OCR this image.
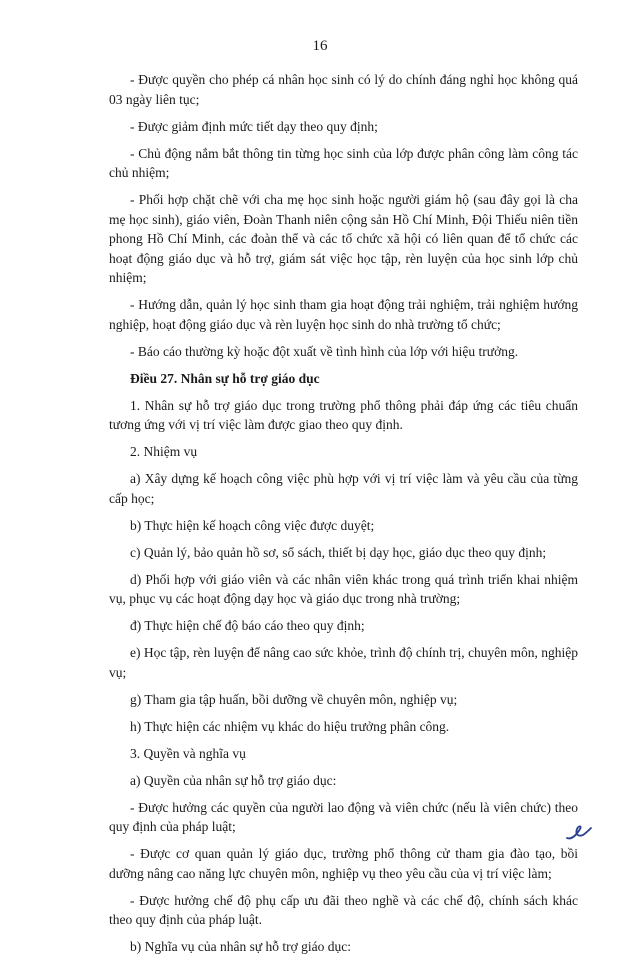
16

- Được quyền cho phép cá nhân học sinh có lý do chính đáng nghỉ học không quá 03 ngày liên tục;

- Được giảm định mức tiết dạy theo quy định;

- Chủ động nắm bắt thông tin từng học sinh của lớp được phân công làm công tác chủ nhiệm;

- Phối hợp chặt chẽ với cha mẹ học sinh hoặc người giám hộ (sau đây gọi là cha mẹ học sinh), giáo viên, Đoàn Thanh niên cộng sản Hồ Chí Minh, Đội Thiếu niên tiền phong Hồ Chí Minh, các đoàn thể và các tổ chức xã hội có liên quan để tổ chức các hoạt động giáo dục và hỗ trợ, giám sát việc học tập, rèn luyện của học sinh lớp chủ nhiệm;

- Hướng dẫn, quản lý học sinh tham gia hoạt động trải nghiệm, trải nghiệm hướng nghiệp, hoạt động giáo dục và rèn luyện học sinh do nhà trường tổ chức;

- Báo cáo thường kỳ hoặc đột xuất về tình hình của lớp với hiệu trưởng.

Điều 27. Nhân sự hỗ trợ giáo dục

1. Nhân sự hỗ trợ giáo dục trong trường phổ thông phải đáp ứng các tiêu chuẩn tương ứng với vị trí việc làm được giao theo quy định.

2. Nhiệm vụ

a) Xây dựng kế hoạch công việc phù hợp với vị trí việc làm và yêu cầu của từng cấp học;

b) Thực hiện kế hoạch công việc được duyệt;

c) Quản lý, bảo quản hồ sơ, sổ sách, thiết bị dạy học, giáo dục theo quy định;

d) Phối hợp với giáo viên và các nhân viên khác trong quá trình triển khai nhiệm vụ, phục vụ các hoạt động dạy học và giáo dục trong nhà trường;

đ) Thực hiện chế độ báo cáo theo quy định;

e) Học tập, rèn luyện để nâng cao sức khỏe, trình độ chính trị, chuyên môn, nghiệp vụ;

g) Tham gia tập huấn, bồi dưỡng về chuyên môn, nghiệp vụ;

h) Thực hiện các nhiệm vụ khác do hiệu trưởng phân công.

3. Quyền và nghĩa vụ

a) Quyền của nhân sự hỗ trợ giáo dục:

- Được hưởng các quyền của người lao động và viên chức (nếu là viên chức) theo quy định của pháp luật;

- Được cơ quan quản lý giáo dục, trường phổ thông cử tham gia đào tạo, bồi dưỡng nâng cao năng lực chuyên môn, nghiệp vụ theo yêu cầu của vị trí việc làm;

- Được hưởng chế độ phụ cấp ưu đãi theo nghề và các chế độ, chính sách khác theo quy định của pháp luật.

b) Nghĩa vụ của nhân sự hỗ trợ giáo dục:
